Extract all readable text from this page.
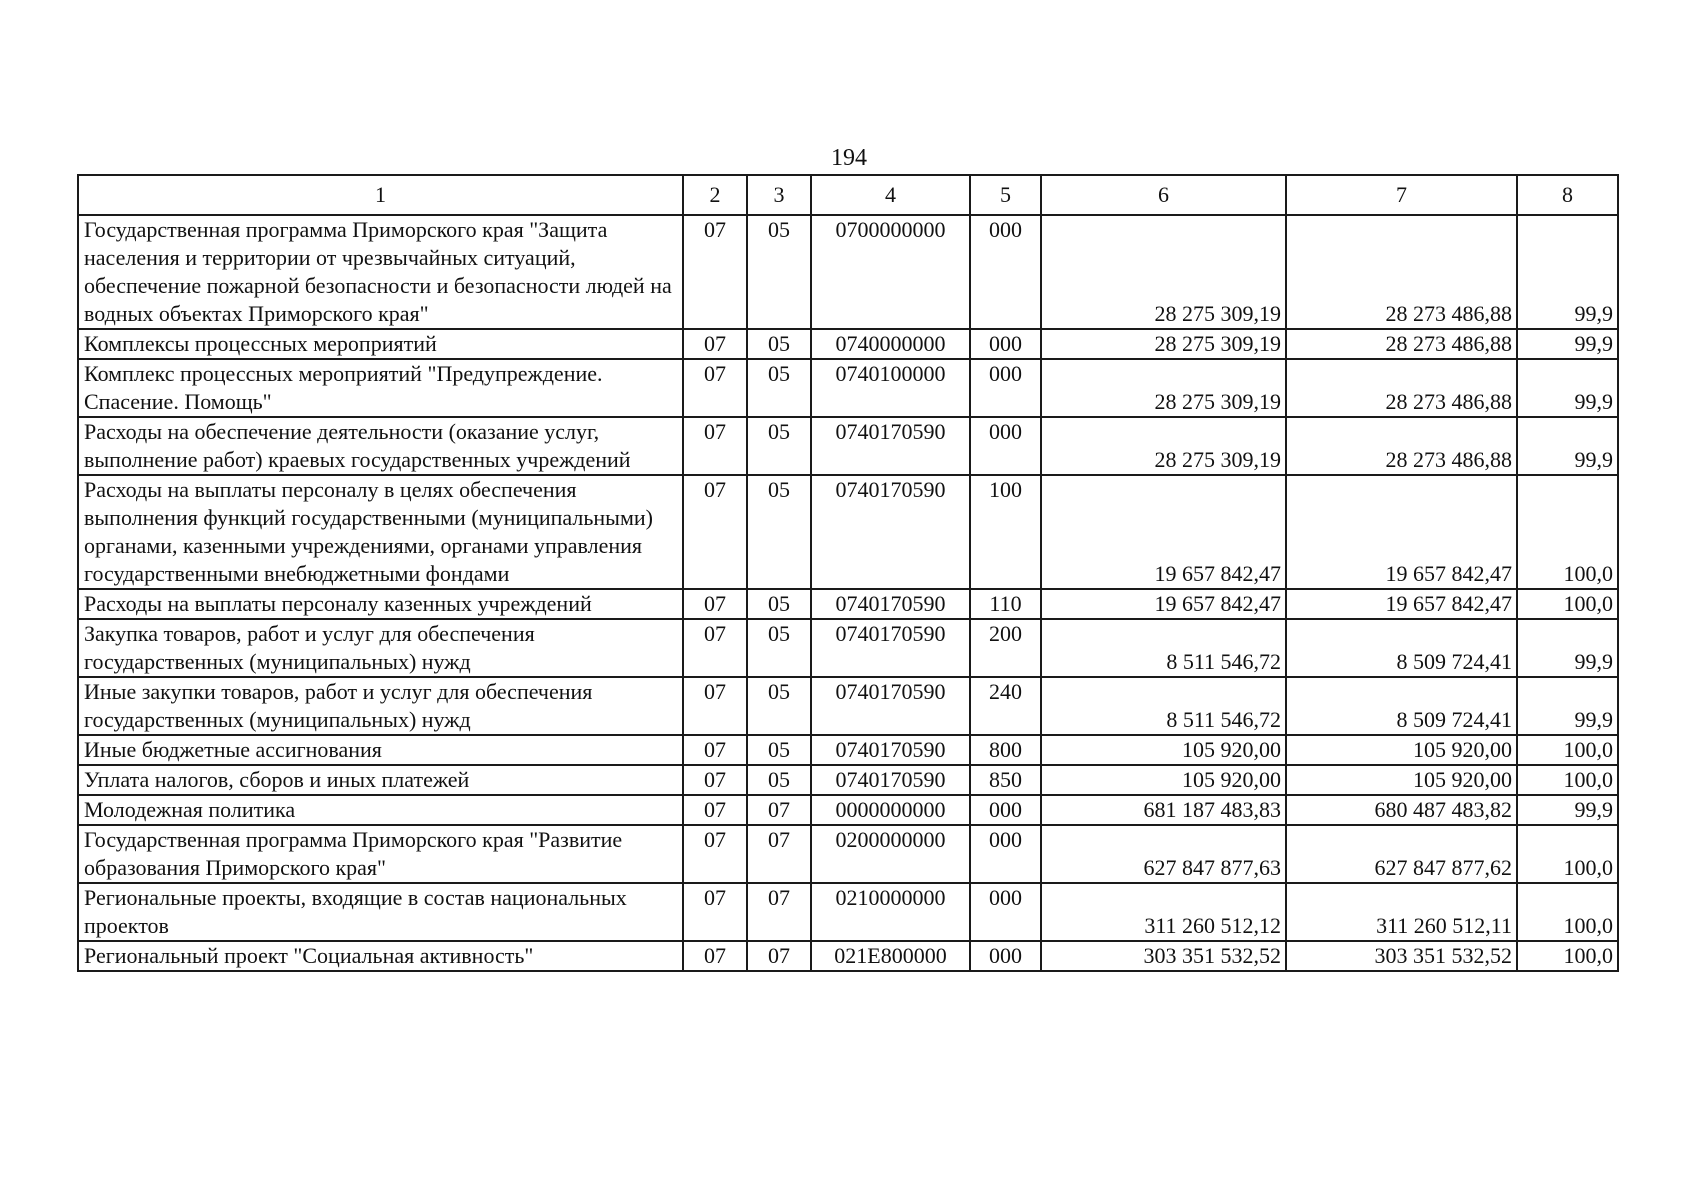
194
1	2	3	4	5	6	7	8
Государственная программа Приморского края "Защита населения и территории от чрезвычайных ситуаций, обеспечение пожарной безопасности и безопасности людей на водных объектах Приморского края"	07	05	0700000000	000	28 275 309,19	28 273 486,88	99,9
Комплексы процессных мероприятий	07	05	0740000000	000	28 275 309,19	28 273 486,88	99,9
Комплекс процессных мероприятий "Предупреждение. Спасение. Помощь"	07	05	0740100000	000	28 275 309,19	28 273 486,88	99,9
Расходы на обеспечение деятельности (оказание услуг, выполнение работ) краевых государственных учреждений	07	05	0740170590	000	28 275 309,19	28 273 486,88	99,9
Расходы на выплаты персоналу в целях обеспечения выполнения функций государственными (муниципальными) органами, казенными учреждениями, органами управления государственными внебюджетными фондами	07	05	0740170590	100	19 657 842,47	19 657 842,47	100,0
Расходы на выплаты персоналу казенных учреждений	07	05	0740170590	110	19 657 842,47	19 657 842,47	100,0
Закупка товаров, работ и услуг для обеспечения государственных (муниципальных) нужд	07	05	0740170590	200	8 511 546,72	8 509 724,41	99,9
Иные закупки товаров, работ и услуг для обеспечения государственных (муниципальных) нужд	07	05	0740170590	240	8 511 546,72	8 509 724,41	99,9
Иные бюджетные ассигнования	07	05	0740170590	800	105 920,00	105 920,00	100,0
Уплата налогов, сборов и иных платежей	07	05	0740170590	850	105 920,00	105 920,00	100,0
Молодежная политика	07	07	0000000000	000	681 187 483,83	680 487 483,82	99,9
Государственная программа Приморского края "Развитие образования Приморского края"	07	07	0200000000	000	627 847 877,63	627 847 877,62	100,0
Региональные проекты, входящие в состав национальных проектов	07	07	0210000000	000	311 260 512,12	311 260 512,11	100,0
Региональный проект "Социальная активность"	07	07	021Е800000	000	303 351 532,52	303 351 532,52	100,0
